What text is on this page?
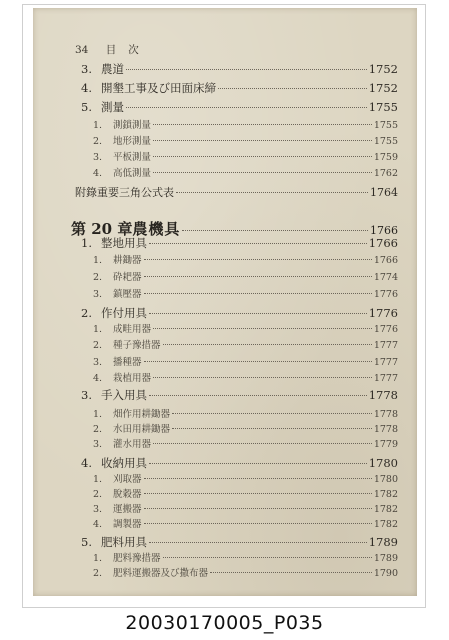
34 目次
3. 農道	1752
4. 開墾工事及び田面床締	1752
5. 測量	1755
1.	測鎖測量	1755
2.	地形測量	1755
3.	平板測量	1759
4.	高低測量	1762
附錄 重要三角公式表	1764
第 20 章 農機具	1766
1. 整地用具	1766
1.	耕鋤器	1766
2.	砕耙器	1774
3.	鎮壓器	1776
2. 作付用具	1776
1.	成畦用器	1776
2.	種子豫措器	1777
3.	播種器	1777
4.	栽植用器	1777
3. 手入用具	1778
1.	畑作用耕鋤器	1778
2.	水田用耕鋤器	1778
3.	灌水用器	1779
4. 收納用具	1780
1.	刈取器	1780
2.	脫穀器	1782
3.	運搬器	1782
4.	調製器	1782
5. 肥料用具	1789
1.	肥料豫措器	1789
2.	肥料運搬器及び撒布器	1790
20030170005_P035
